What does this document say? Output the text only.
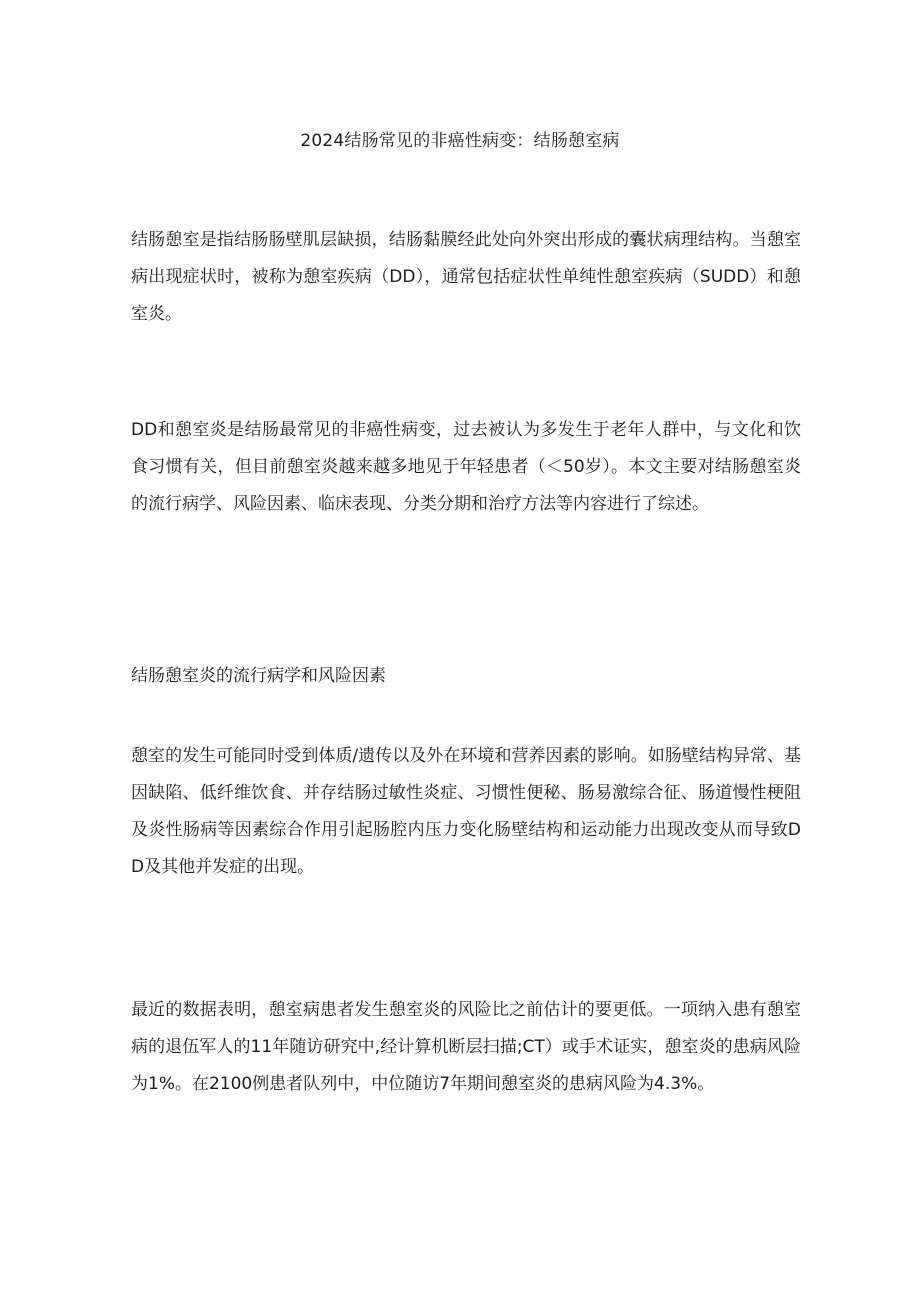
2024结肠常见的非癌性病变：结肠憩室病

结肠憩室是指结肠肠壁肌层缺损，结肠黏膜经此处向外突出形成的囊状病理结构。当憩室病出现症状时，被称为憩室疾病（DD），通常包括症状性单纯性憩室疾病（SUDD）和憩室炎。

DD和憩室炎是结肠最常见的非癌性病变，过去被认为多发生于老年人群中，与文化和饮食习惯有关，但目前憩室炎越来越多地见于年轻患者（＜50岁）。本文主要对结肠憩室炎的流行病学、风险因素、临床表现、分类分期和治疗方法等内容进行了综述。

结肠憩室炎的流行病学和风险因素

憩室的发生可能同时受到体质/遗传以及外在环境和营养因素的影响。如肠壁结构异常、基因缺陷、低纤维饮食、并存结肠过敏性炎症、习惯性便秘、肠易激综合征、肠道慢性梗阻及炎性肠病等因素综合作用引起肠腔内压力变化肠壁结构和运动能力出现改变从而导致DD及其他并发症的出现。

最近的数据表明，憩室病患者发生憩室炎的风险比之前估计的要更低。一项纳入患有憩室病的退伍军人的11年随访研究中,经计算机断层扫描;CT）或手术证实，憩室炎的患病风险为1%。在2100例患者队列中，中位随访7年期间憩室炎的患病风险为4.3%。
